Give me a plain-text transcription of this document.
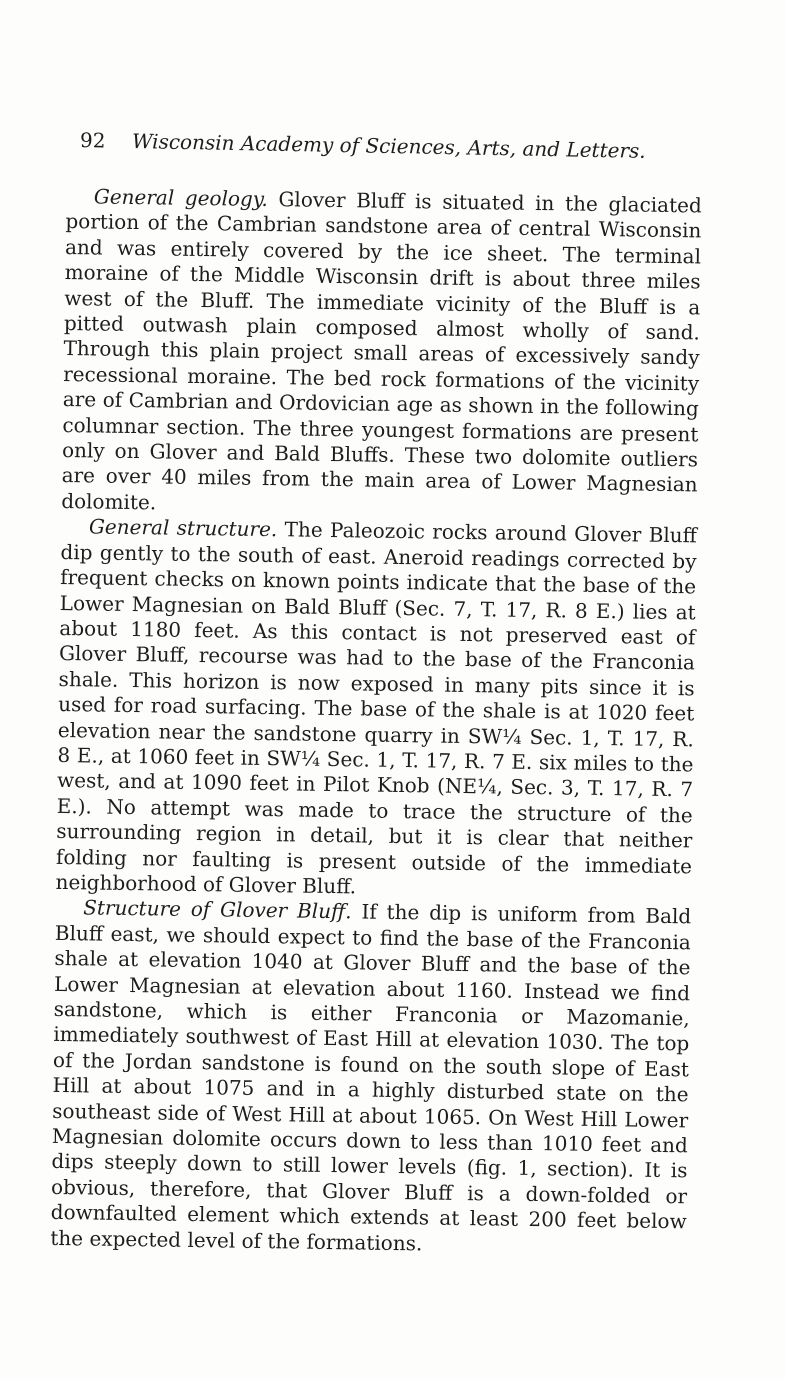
92 Wisconsin Academy of Sciences, Arts, and Letters.

General geology. Glover Bluff is situated in the glaciated portion of the Cambrian sandstone area of central Wisconsin and was entirely covered by the ice sheet. The terminal moraine of the Middle Wisconsin drift is about three miles west of the Bluff. The immediate vicinity of the Bluff is a pitted outwash plain composed almost wholly of sand. Through this plain project small areas of excessively sandy recessional moraine. The bed rock formations of the vicinity are of Cambrian and Ordovician age as shown in the following columnar section. The three youngest formations are present only on Glover and Bald Bluffs. These two dolomite outliers are over 40 miles from the main area of Lower Magnesian dolomite.

General structure. The Paleozoic rocks around Glover Bluff dip gently to the south of east. Aneroid readings corrected by frequent checks on known points indicate that the base of the Lower Magnesian on Bald Bluff (Sec. 7, T. 17, R. 8 E.) lies at about 1180 feet. As this contact is not preserved east of Glover Bluff, recourse was had to the base of the Franconia shale. This horizon is now exposed in many pits since it is used for road surfacing. The base of the shale is at 1020 feet elevation near the sandstone quarry in SW¼ Sec. 1, T. 17, R. 8 E., at 1060 feet in SW¼ Sec. 1, T. 17, R. 7 E. six miles to the west, and at 1090 feet in Pilot Knob (NE¼, Sec. 3, T. 17, R. 7 E.). No attempt was made to trace the structure of the surrounding region in detail, but it is clear that neither folding nor faulting is present outside of the immediate neighborhood of Glover Bluff.

Structure of Glover Bluff. If the dip is uniform from Bald Bluff east, we should expect to find the base of the Franconia shale at elevation 1040 at Glover Bluff and the base of the Lower Magnesian at elevation about 1160. Instead we find sandstone, which is either Franconia or Mazomanie, immediately southwest of East Hill at elevation 1030. The top of the Jordan sandstone is found on the south slope of East Hill at about 1075 and in a highly disturbed state on the southeast side of West Hill at about 1065. On West Hill Lower Magnesian dolomite occurs down to less than 1010 feet and dips steeply down to still lower levels (fig. 1, section). It is obvious, therefore, that Glover Bluff is a down-folded or downfaulted element which extends at least 200 feet below the expected level of the formations.
